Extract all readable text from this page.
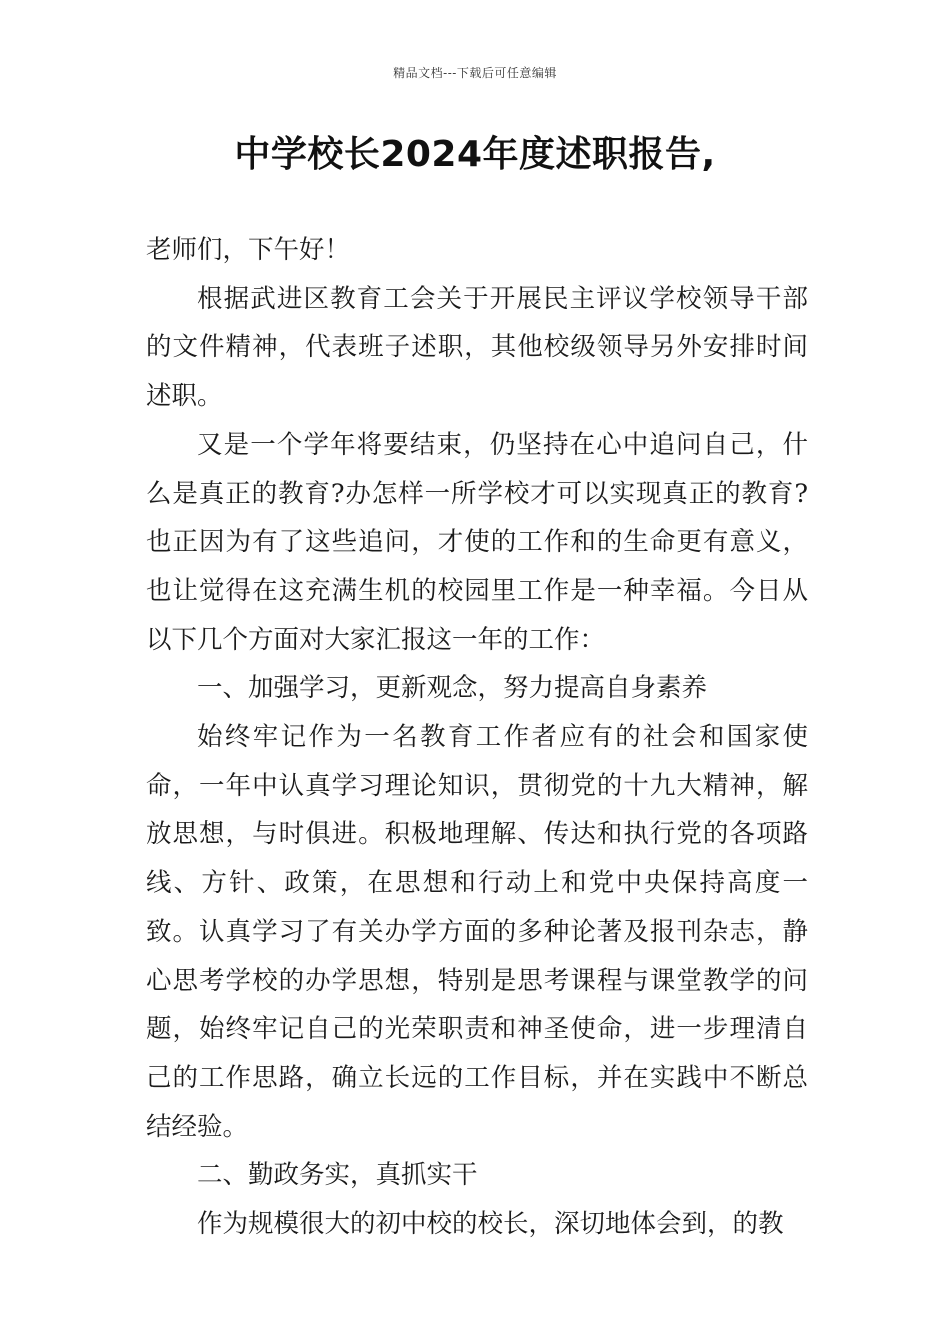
精品文档---下载后可任意编辑
中学校长2024年度述职报告,

老师们，下午好！

根据武进区教育工会关于开展民主评议学校领导干部的文件精神，代表班子述职，其他校级领导另外安排时间述职。

又是一个学年将要结束，仍坚持在心中追问自己，什么是真正的教育?办怎样一所学校才可以实现真正的教育?也正因为有了这些追问，才使的工作和的生命更有意义，也让觉得在这充满生机的校园里工作是一种幸福。今日从以下几个方面对大家汇报这一年的工作：

一、加强学习，更新观念，努力提高自身素养

始终牢记作为一名教育工作者应有的社会和国家使命，一年中认真学习理论知识，贯彻党的十九大精神，解放思想，与时俱进。积极地理解、传达和执行党的各项路线、方针、政策，在思想和行动上和党中央保持高度一致。认真学习了有关办学方面的多种论著及报刊杂志，静心思考学校的办学思想，特别是思考课程与课堂教学的问题，始终牢记自己的光荣职责和神圣使命，进一步理清自己的工作思路，确立长远的工作目标，并在实践中不断总结经验。

二、勤政务实，真抓实干

作为规模很大的初中校的校长，深切地体会到，的教
